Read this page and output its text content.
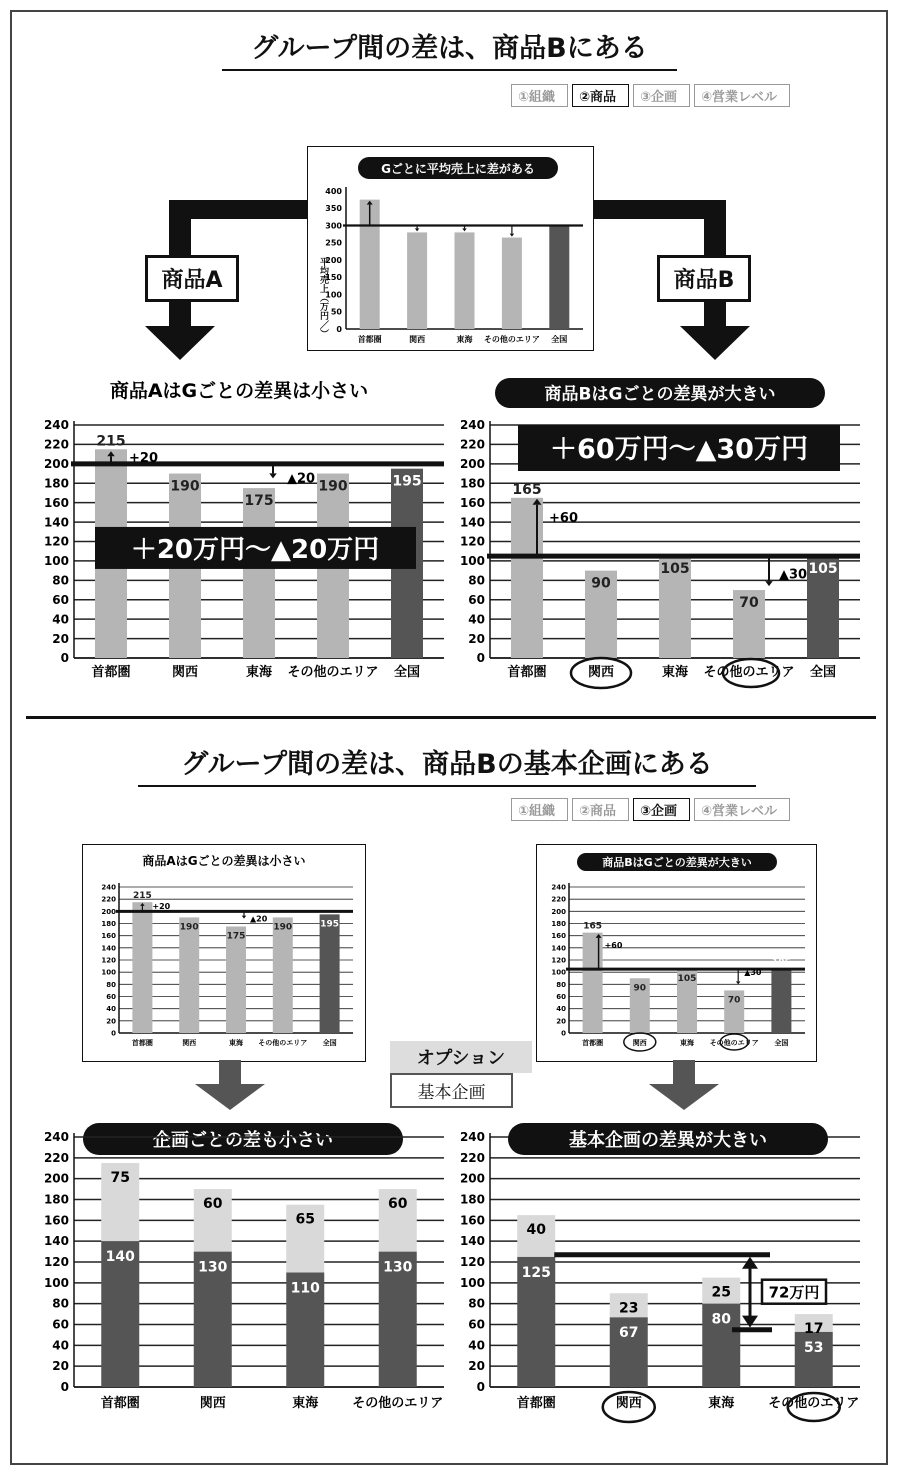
グループ間の差は、商品Bにある
①組織	②商品	③企画	④営業レベル
商品A	商品B
Gごとに平均売上に差がある
平均売上（万円／） 0
50
100
150
200
250
300
350
400
首都圏	関西	東海 その他のエリア 全国
商品AはGごとの差異は小さい
0
20
40
60
80
100
120
140
160
180
200
220
240
215
首都圏
190
関西
175
東海
190
その他のエリア
195
全国
+20
▲20
＋20万円〜▲20万円
商品BはGごとの差異が大きい
0
20
40
60
80
100
120
140
160
180
200
220
240
165
首都圏
90
関西
105
東海
70
その他のエリア
105
全国
+60
▲30
＋60万円〜▲30万円
グループ間の差は、商品Bの基本企画にある
①組織	②商品	③企画	④営業レベル
商品AはGごとの差異は小さい
0
20
40
60
80
100
120
140
160
180
200
220
240
215
首都圏
190
関西
175
東海
190
その他のエリア
195
全国
+20
▲20
商品BはGごとの差異が大きい
0
20
40
60
80
100
120
140
160
180
200
220
240
165
首都圏
90
関西
105
東海
70
その他のエリア
105
全国
+60
▲30
オプション
基本企画
企画ごとの差も小さい
0
20
40
60
80
100
120
140
160
180
200
220
240
140
75
首都圏
130
60
関西
110
65
東海
130
60
その他のエリア
0
20
40
60
80
100
120
140
160
180
200
220
240
125
40
首都圏
67
23
関西
80
25
東海
53
17
その他のエリア
基本企画の差異が大きい
72万円
